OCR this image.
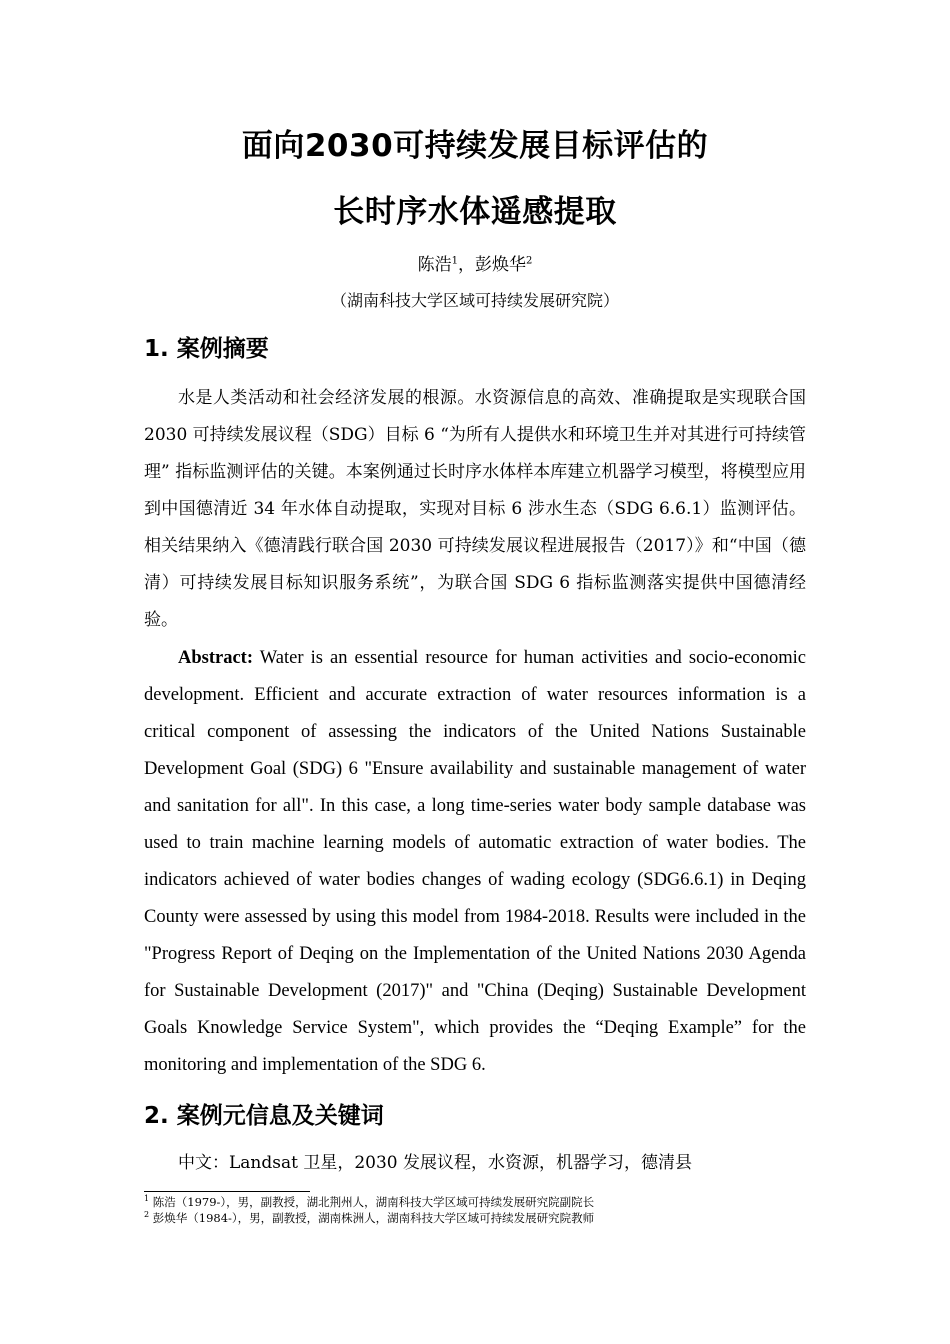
面向2030可持续发展目标评估的
长时序水体遥感提取
陈浩$^1$，彭焕华$^2$
（湖南科技大学区域可持续发展研究院）
1. 案例摘要

水是人类活动和社会经济发展的根源。水资源信息的高效、准确提取是实现联合国 2030 可持续发展议程（SDG）目标 6 “为所有人提供水和环境卫生并对其进行可持续管理” 指标监测评估的关键。本案例通过长时序水体样本库建立机器学习模型，将模型应用到中国德清近 34 年水体自动提取，实现对目标 6 涉水生态（SDG 6.6.1）监测评估。相关结果纳入《德清践行联合国 2030 可持续发展议程进展报告（2017）》和“中国（德清）可持续发展目标知识服务系统”，为联合国 SDG 6 指标监测落实提供中国德清经验。

Abstract: Water is an essential resource for human activities and socio-economic development. Efficient and accurate extraction of water resources information is a critical component of assessing the indicators of the United Nations Sustainable Development Goal (SDG) 6 "Ensure availability and sustainable management of water and sanitation for all". In this case, a long time-series water body sample database was used to train machine learning models of automatic extraction of water bodies. The indicators achieved of water bodies changes of wading ecology (SDG6.6.1) in Deqing County were assessed by using this model from 1984-2018. Results were included in the "Progress Report of Deqing on the Implementation of the United Nations 2030 Agenda for Sustainable Development (2017)" and "China (Deqing) Sustainable Development Goals Knowledge Service System", which provides the “Deqing Example” for the monitoring and implementation of the SDG 6.

2. 案例元信息及关键词

中文：Landsat 卫星，2030 发展议程，水资源，机器学习，德清县

$^1$ 陈浩（1979-），男，副教授，湖北荆州人，湖南科技大学区域可持续发展研究院副院长
$^2$ 彭焕华（1984-），男，副教授，湖南株洲人，湖南科技大学区域可持续发展研究院教师
